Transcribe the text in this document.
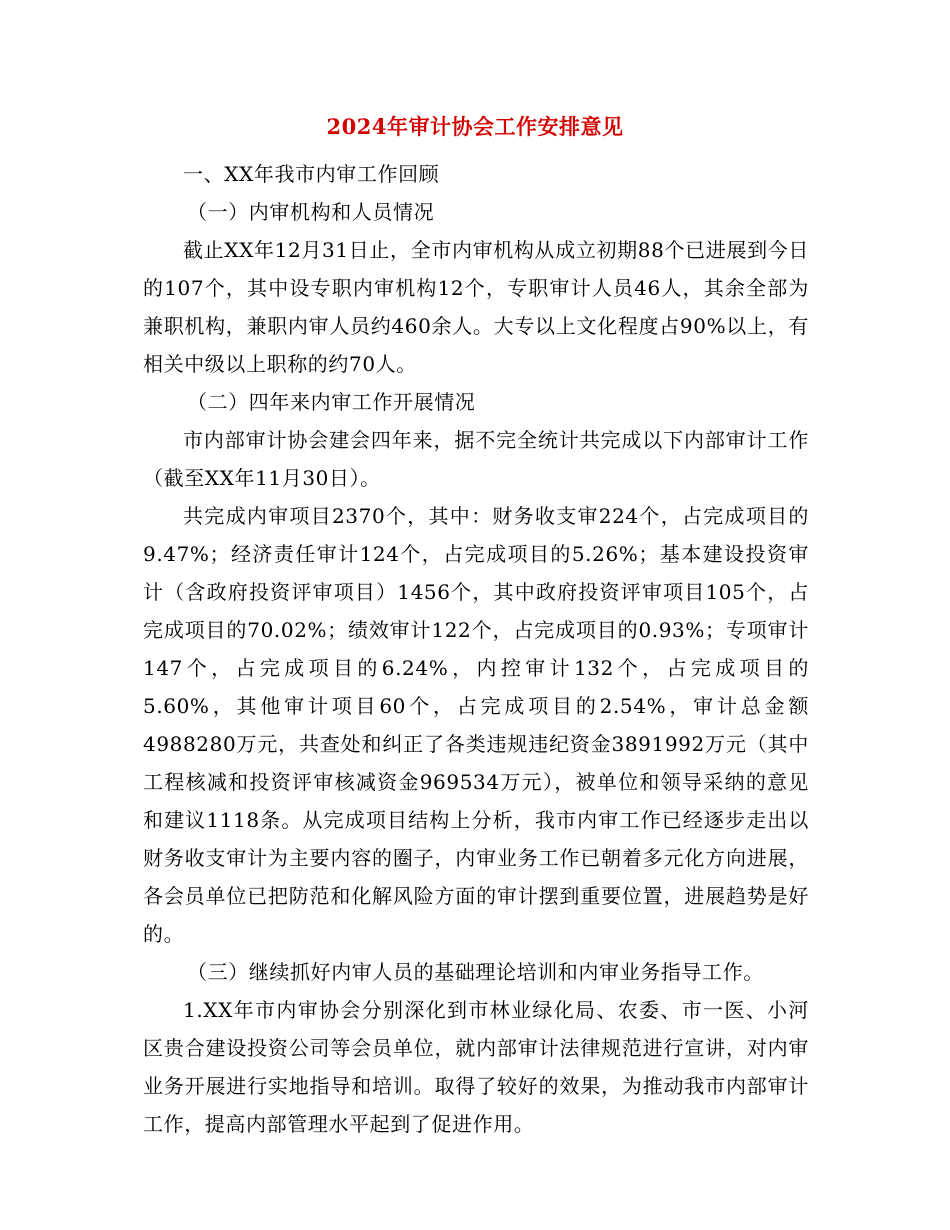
2024年审计协会工作安排意见

一、XX年我市内审工作回顾

（一）内审机构和人员情况

截止XX年12月31日止，全市内审机构从成立初期88个已进展到今日的107个，其中设专职内审机构12个，专职审计人员46人，其余全部为兼职机构，兼职内审人员约460余人。大专以上文化程度占90%以上，有相关中级以上职称的约70人。

（二）四年来内审工作开展情况

市内部审计协会建会四年来，据不完全统计共完成以下内部审计工作（截至XX年11月30日）。

共完成内审项目2370个，其中：财务收支审224个，占完成项目的9.47%；经济责任审计124个，占完成项目的5.26%；基本建设投资审计（含政府投资评审项目）1456个，其中政府投资评审项目105个，占完成项目的70.02%；绩效审计122个，占完成项目的0.93%；专项审计147个，占完成项目的6.24%，内控审计132个，占完成项目的5.60%，其他审计项目60个，占完成项目的2.54%，审计总金额4988280万元，共查处和纠正了各类违规违纪资金3891992万元（其中工程核减和投资评审核减资金969534万元），被单位和领导采纳的意见和建议1118条。从完成项目结构上分析，我市内审工作已经逐步走出以财务收支审计为主要内容的圈子，内审业务工作已朝着多元化方向进展，各会员单位已把防范和化解风险方面的审计摆到重要位置，进展趋势是好的。

（三）继续抓好内审人员的基础理论培训和内审业务指导工作。

1.XX年市内审协会分别深化到市林业绿化局、农委、市一医、小河区贵合建设投资公司等会员单位，就内部审计法律规范进行宣讲，对内审业务开展进行实地指导和培训。取得了较好的效果，为推动我市内部审计工作，提高内部管理水平起到了促进作用。
